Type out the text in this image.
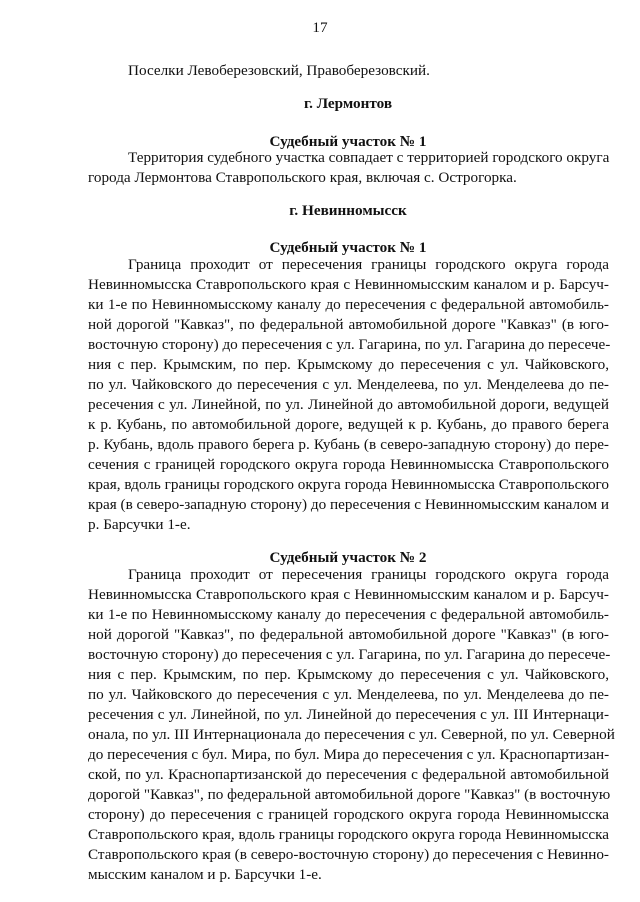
17
Поселки Левоберезовский, Правоберезовский.
г. Лермонтов
Судебный участок № 1
Территория судебного участка совпадает с территорией городского округа
города Лермонтова Ставропольского края, включая с. Острогорка.
г. Невинномысск
Судебный участок № 1
Граница проходит от пересечения границы городского округа города
Невинномысска Ставропольского края с Невинномысским каналом и р. Барсуч-
ки 1-е по Невинномысскому каналу до пересечения с федеральной автомобиль-
ной дорогой "Кавказ", по федеральной автомобильной дороге "Кавказ" (в юго-
восточную сторону) до пересечения с ул. Гагарина, по ул. Гагарина до пересече-
ния с пер. Крымским, по пер. Крымскому до пересечения с ул. Чайковского,
по ул. Чайковского до пересечения с ул. Менделеева, по ул. Менделеева до пе-
ресечения с ул. Линейной, по ул. Линейной до автомобильной дороги, ведущей
к р. Кубань, по автомобильной дороге, ведущей к р. Кубань, до правого берега
р. Кубань, вдоль правого берега р. Кубань (в северо-западную сторону) до пере-
сечения с границей городского округа города Невинномысска Ставропольского
края, вдоль границы городского округа города Невинномысска Ставропольского
края (в северо-западную сторону) до пересечения с Невинномысским каналом и
р. Барсучки 1-е.
Судебный участок № 2
Граница проходит от пересечения границы городского округа города
Невинномысска Ставропольского края с Невинномысским каналом и р. Барсуч-
ки 1-е по Невинномысскому каналу до пересечения с федеральной автомобиль-
ной дорогой "Кавказ", по федеральной автомобильной дороге "Кавказ" (в юго-
восточную сторону) до пересечения с ул. Гагарина, по ул. Гагарина до пересече-
ния с пер. Крымским, по пер. Крымскому до пересечения с ул. Чайковского,
по ул. Чайковского до пересечения с ул. Менделеева, по ул. Менделеева до пе-
ресечения с ул. Линейной, по ул. Линейной до пересечения с ул. III Интернаци-
онала, по ул. III Интернационала до пересечения с ул. Северной, по ул. Северной
до пересечения с бул. Мира, по бул. Мира до пересечения с ул. Краснопартизан-
ской, по ул. Краснопартизанской до пересечения с федеральной автомобильной
дорогой "Кавказ", по федеральной автомобильной дороге "Кавказ" (в восточную
сторону) до пересечения с границей городского округа города Невинномысска
Ставропольского края, вдоль границы городского округа города Невинномысска
Ставропольского края (в северо-восточную сторону) до пересечения с Невинно-
мысским каналом и р. Барсучки 1-е.
